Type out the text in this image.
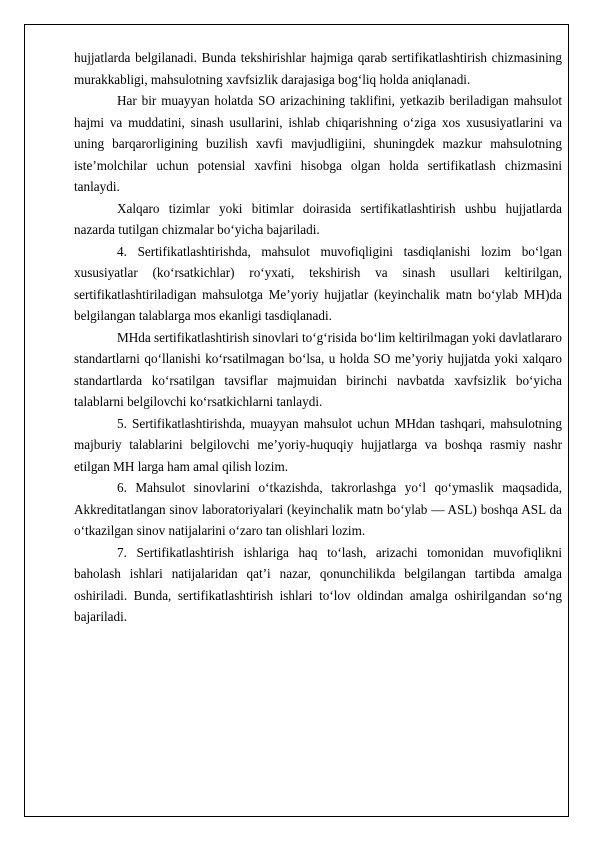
hujjatlarda belgilanadi. Bunda tekshirishlar hajmiga qarab sertifikatlashtirish chizmasining murakkabligi, mahsulotning xavfsizlik darajasiga bog‘liq holda aniqlanadi.

Har bir muayyan holatda SO arizachining taklifini, yetkazib beriladigan mahsulot hajmi va muddatini, sinash usullarini, ishlab chiqarishning o‘ziga xos xususiyatlarini va uning barqarorligining buzilish xavfi mavjudligiini, shuningdek mazkur mahsulotning iste’molchilar uchun potensial xavfini hisobga olgan holda sertifikatlash chizmasini tanlaydi.

Xalqaro tizimlar yoki bitimlar doirasida sertifikatlashtirish ushbu hujjatlarda nazarda tutilgan chizmalar bo‘yicha bajariladi.

4. Sertifikatlashtirishda, mahsulot muvofiqligini tasdiqlanishi lozim bo‘lgan xususiyatlar (ko‘rsatkichlar) ro‘yxati, tekshirish va sinash usullari keltirilgan, sertifikatlashtiriladigan mahsulotga Me’yoriy hujjatlar (keyinchalik matn bo‘ylab MH)da belgilangan talablarga mos ekanligi tasdiqlanadi.

MHda sertifikatlashtirish sinovlari to‘g‘risida bo‘lim keltirilmagan yoki davlatlararo standartlarni qo‘llanishi ko‘rsatilmagan bo‘lsa, u holda SO me’yoriy hujjatda yoki xalqaro standartlarda ko‘rsatilgan tavsiflar majmuidan birinchi navbatda xavfsizlik bo‘yicha talablarni belgilovchi ko‘rsatkichlarni tanlaydi.

5. Sertifikatlashtirishda, muayyan mahsulot uchun MHdan tashqari, mahsulotning majburiy talablarini belgilovchi me’yoriy-huquqiy hujjatlarga va boshqa rasmiy nashr etilgan MH larga ham amal qilish lozim.

6. Mahsulot sinovlarini o‘tkazishda, takrorlashga yo‘l qo‘ymaslik maqsadida, Akkreditatlangan sinov laboratoriyalari (keyinchalik matn bo‘ylab — ASL) boshqa ASL da o‘tkazilgan sinov natijalarini o‘zaro tan olishlari lozim.

7. Sertifikatlashtirish ishlariga haq to‘lash, arizachi tomonidan muvofiqlikni baholash ishlari natijalaridan qat’i nazar, qonunchilikda belgilangan tartibda amalga oshiriladi. Bunda, sertifikatlashtirish ishlari to‘lov oldindan amalga oshirilgandan so‘ng bajariladi.
